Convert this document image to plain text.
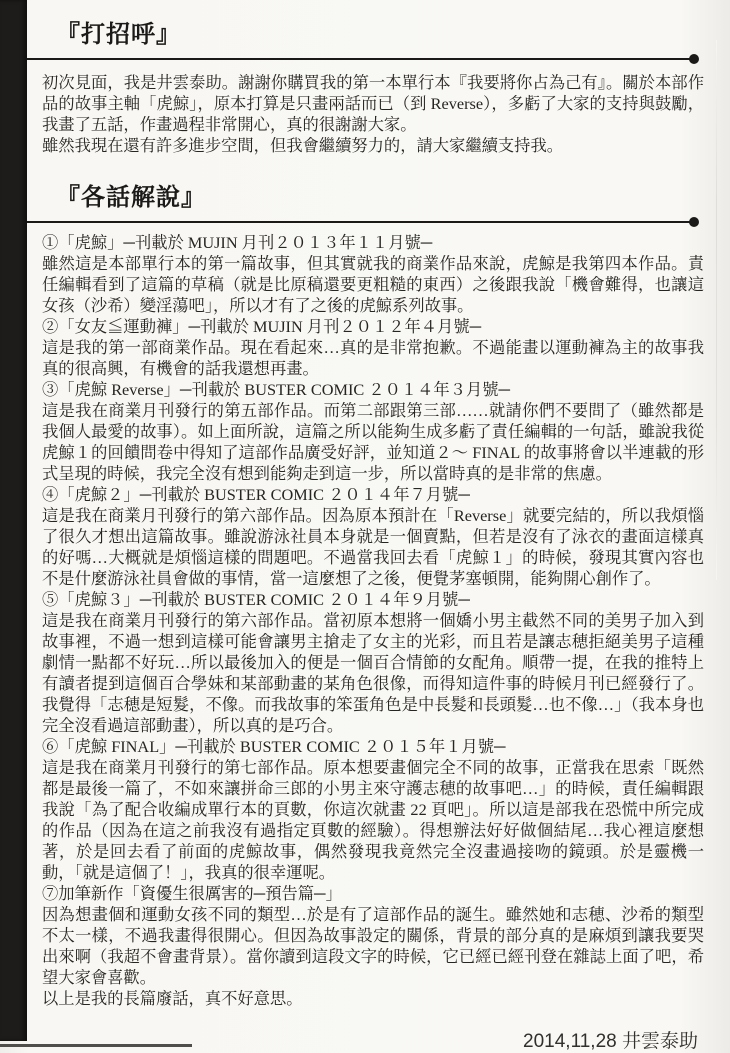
『打招呼』

初次見面，我是井雲泰助。謝謝你購買我的第一本單行本『我要將你占為己有』。關於本部作品的故事主軸「虎鯨」，原本打算是只畫兩話而已（到 Reverse），多虧了大家的支持與鼓勵，我畫了五話，作畫過程非常開心，真的很謝謝大家。

雖然我現在還有許多進步空間，但我會繼續努力的，請大家繼續支持我。

『各話解說』

①「虎鯨」─刊載於 MUJIN 月刊２０１３年１１月號─

雖然這是本部單行本的第一篇故事，但其實就我的商業作品來說，虎鯨是我第四本作品。責任編輯看到了這篇的草稿（就是比原稿還要更粗糙的東西）之後跟我說「機會難得，也讓這女孩（沙希）變淫蕩吧」，所以才有了之後的虎鯨系列故事。

②「女友≦運動褲」─刊載於 MUJIN 月刊２０１２年４月號─

這是我的第一部商業作品。現在看起來…真的是非常抱歉。不過能畫以運動褲為主的故事我真的很高興，有機會的話我還想再畫。

③「虎鯨 Reverse」─刊載於 BUSTER COMIC ２０１４年３月號─

這是我在商業月刊發行的第五部作品。而第二部跟第三部……就請你們不要問了（雖然都是我個人最愛的故事）。如上面所說，這篇之所以能夠生成多虧了責任編輯的一句話，雖說我從虎鯨１的回饋問卷中得知了這部作品廣受好評，並知道２～ FINAL 的故事將會以半連載的形式呈現的時候，我完全沒有想到能夠走到這一步，所以當時真的是非常的焦慮。

④「虎鯨２」─刊載於 BUSTER COMIC ２０１４年７月號─

這是我在商業月刊發行的第六部作品。因為原本預計在「Reverse」就要完結的，所以我煩惱了很久才想出這篇故事。雖說游泳社員本身就是一個賣點，但若是沒有了泳衣的畫面這樣真的好嗎…大概就是煩惱這樣的問題吧。不過當我回去看「虎鯨１」的時候，發現其實內容也不是什麼游泳社員會做的事情，當一這麼想了之後，便覺茅塞頓開，能夠開心創作了。

⑤「虎鯨３」─刊載於 BUSTER COMIC ２０１４年９月號─

這是我在商業月刊發行的第六部作品。當初原本想將一個嬌小男主截然不同的美男子加入到故事裡，不過一想到這樣可能會讓男主搶走了女主的光彩，而且若是讓志穂拒絕美男子這種劇情一點都不好玩…所以最後加入的便是一個百合情節的女配角。順帶一提，在我的推特上有讀者提到這個百合學妹和某部動畫的某角色很像，而得知這件事的時候月刊已經發行了。我覺得「志穂是短髮，不像。而我故事的笨蛋角色是中長髮和長頭髮…也不像…」（我本身也完全沒看過這部動畫），所以真的是巧合。

⑥「虎鯨 FINAL」─刊載於 BUSTER COMIC ２０１５年１月號─

這是我在商業月刊發行的第七部作品。原本想要畫個完全不同的故事，正當我在思索「既然都是最後一篇了，不如來讓拼命三郎的小男主來守護志穂的故事吧…」的時候，責任編輯跟我說「為了配合收編成單行本的頁數，你這次就畫 22 頁吧」。所以這是部我在恐慌中所完成的作品（因為在這之前我沒有過指定頁數的經驗）。得想辦法好好做個結尾…我心裡這麼想著，於是回去看了前面的虎鯨故事，偶然發現我竟然完全沒畫過接吻的鏡頭。於是靈機一動，「就是這個了！」，我真的很幸運呢。

⑦加筆新作「資優生很厲害的─預告篇─」

因為想畫個和運動女孩不同的類型…於是有了這部作品的誕生。雖然她和志穂、沙希的類型不太一樣，不過我畫得很開心。但因為故事設定的關係，背景的部分真的是麻煩到讓我要哭出來啊（我超不會畫背景）。當你讀到這段文字的時候，它已經已經刊登在雜誌上面了吧，希望大家會喜歡。

以上是我的長篇廢話，真不好意思。

2014,11,28 井雲泰助
